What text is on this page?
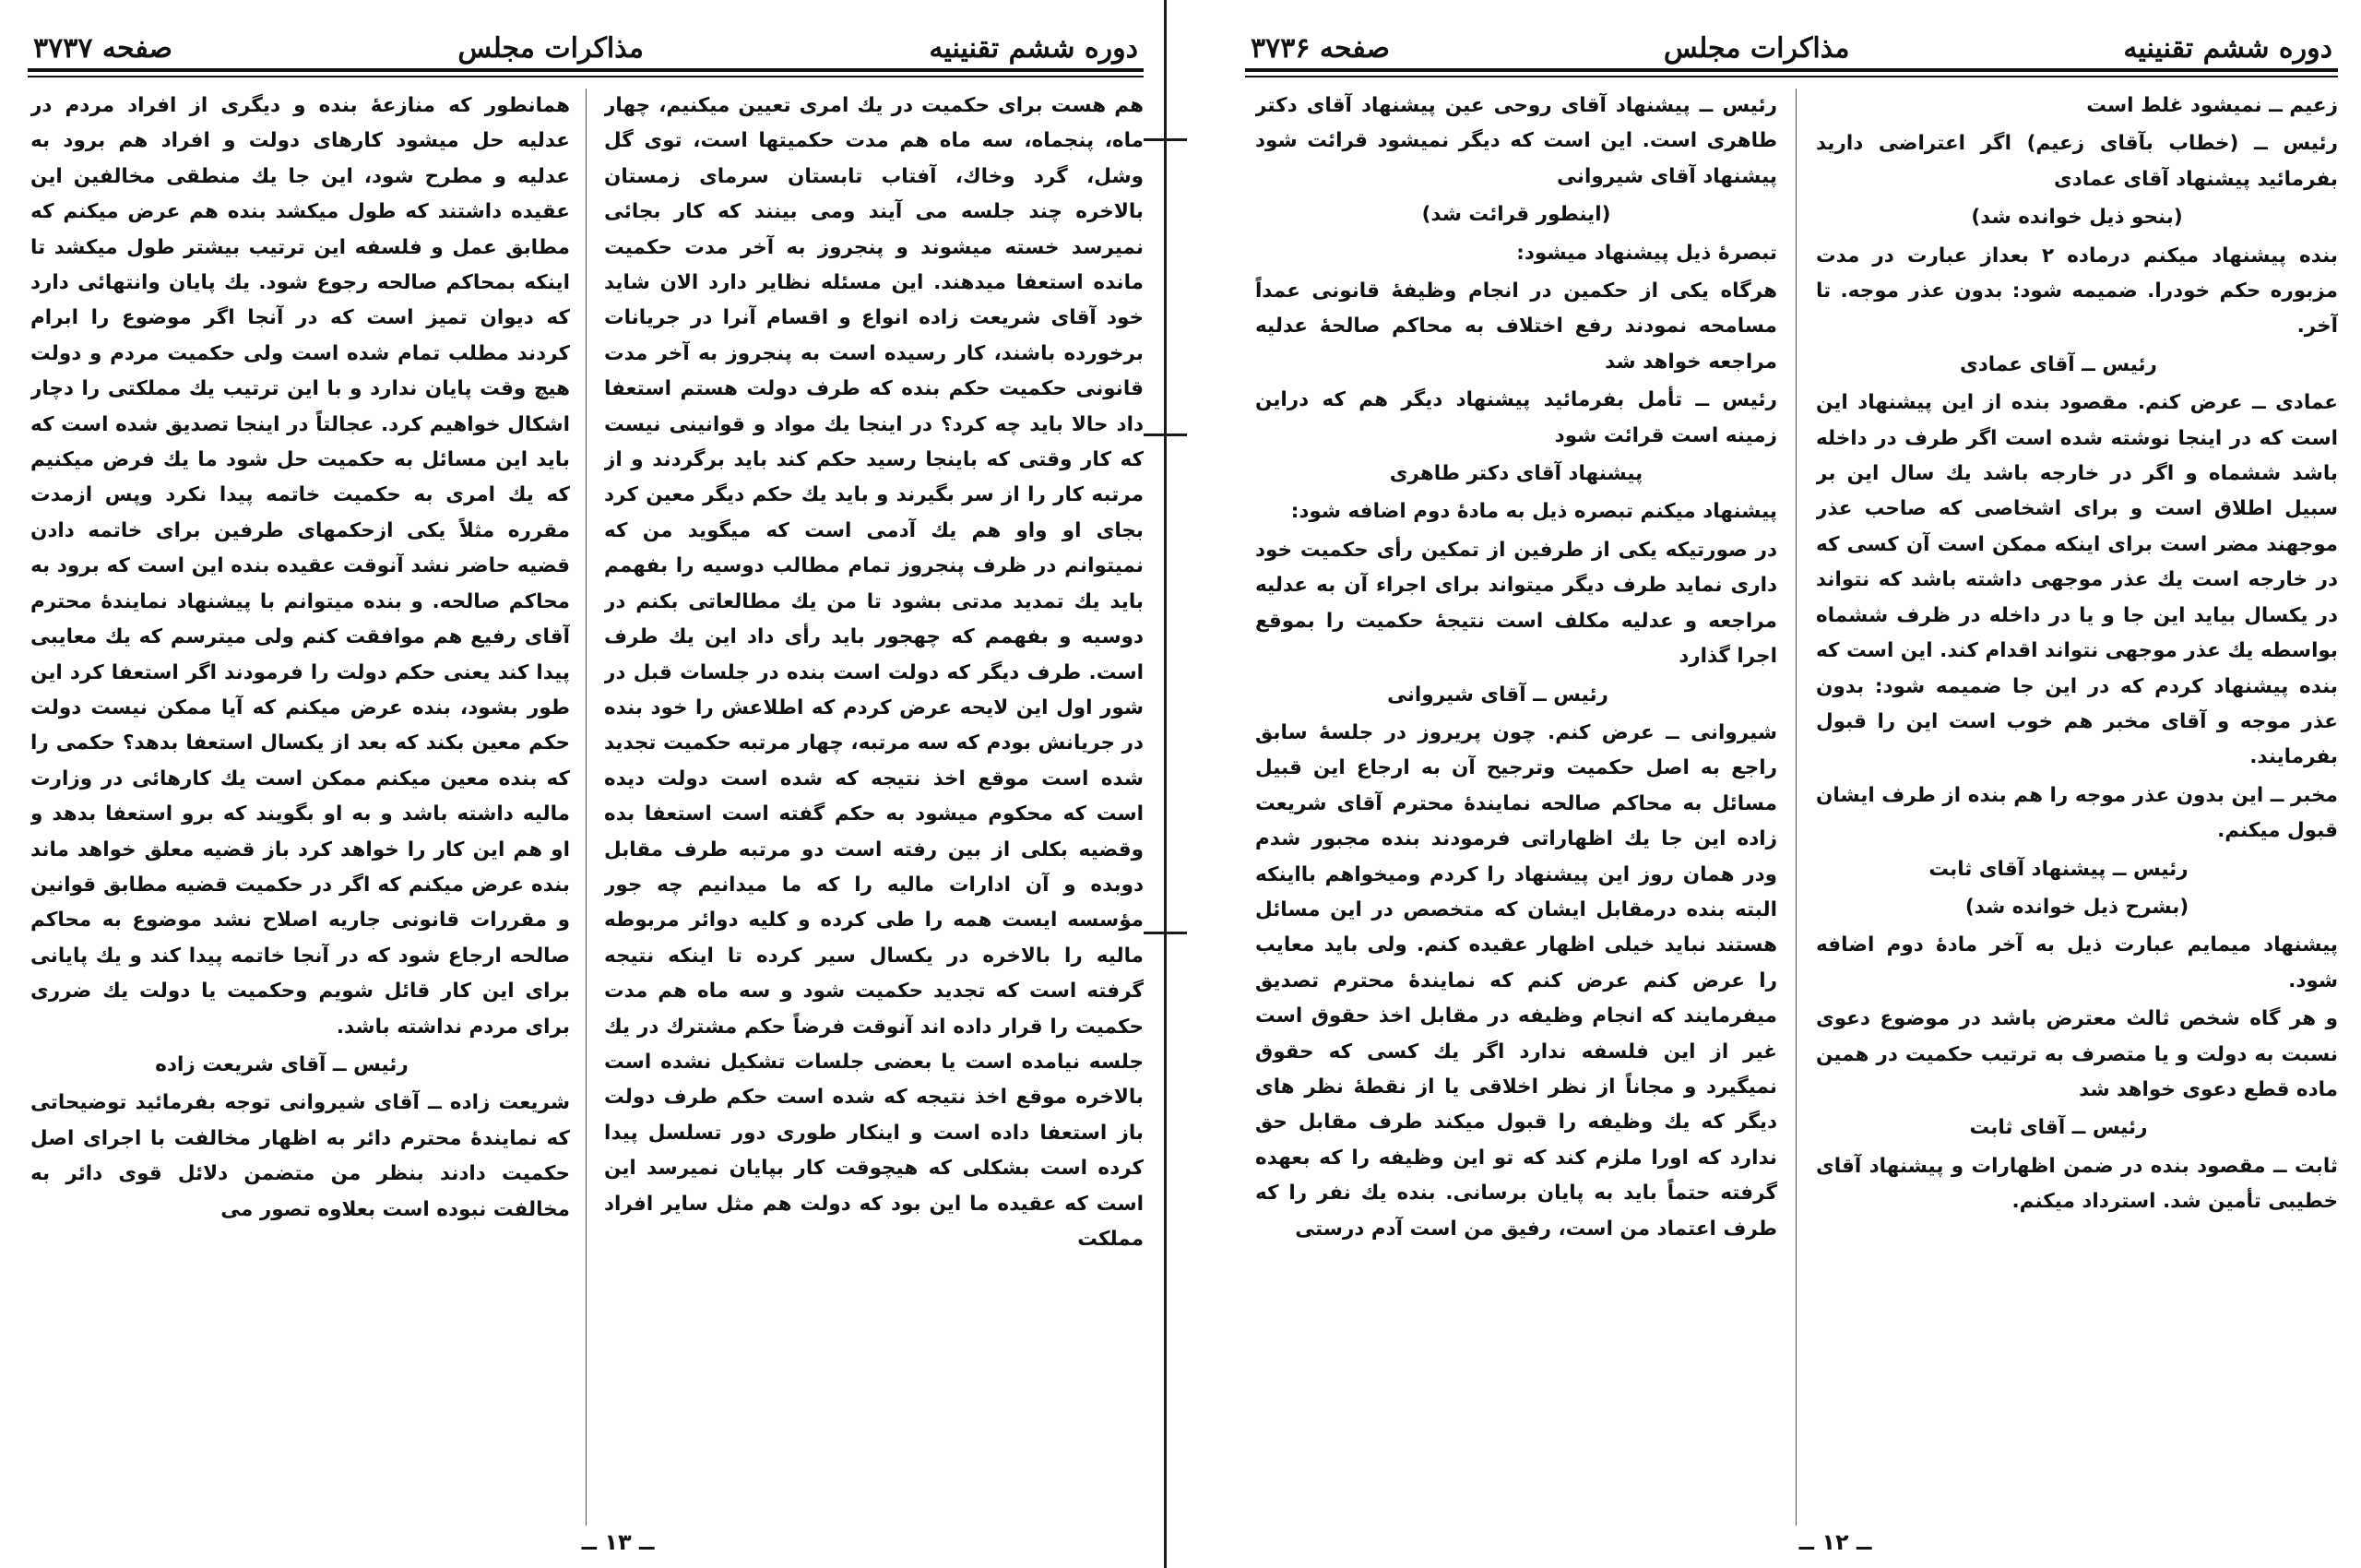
دوره ششم تقنينيه
مذاكرات مجلس
صفحه ۳۷۳۷

هم هست برای حکمیت در یك امری تعیین میکنیم، چهار ماه، پنجماه، سه ماه هم مدت حکمیتها است، توی گل وشل، گرد وخاك، آفتاب تابستان سرمای زمستان بالاخره چند جلسه می آیند ومی بینند که کار بجائی نمیرسد خسته میشوند و پنجروز به آخر مدت حکمیت مانده استعفا میدهند. این مسئله نظایر دارد الان شاید خود آقای شریعت زاده انواع و اقسام آنرا در جریانات برخورده باشند، کار رسیده است به پنجروز به آخر مدت قانونی حکمیت حکم بنده که طرف دولت هستم استعفا داد حالا باید چه کرد؟ در اینجا یك مواد و قوانینی نیست که کار وقتی که باینجا رسید حکم کند باید برگردند و از مرتبه کار را از سر بگیرند و باید یك حکم دیگر معین کرد بجای او واو هم یك آدمی است که میگوید من که نمیتوانم در ظرف پنجروز تمام مطالب دوسیه را بفهمم باید یك تمدید مدتی بشود تا من یك مطالعاتی بکنم در دوسیه و بفهمم که چهجور باید رأی داد این یك طرف است. طرف دیگر که دولت است بنده در جلسات قبل در شور اول این لایحه عرض کردم که اطلاعش را خود بنده در جریانش بودم که سه مرتبه، چهار مرتبه حکمیت تجدید شده است موقع اخذ نتیجه که شده است دولت دیده است که محکوم میشود به حکم گفته است استعفا بده وقضیه بکلی از بین رفته است دو مرتبه طرف مقابل دوبده و آن ادارات مالیه را که ما میدانیم چه جور مؤسسه ایست همه را طی کرده و کلیه دوائر مربوطه مالیه را بالاخره در یکسال سیر کرده تا اینکه نتیجه گرفته است که تجدید حکمیت شود و سه ماه هم مدت حکمیت را قرار داده اند آنوقت فرضاً حکم مشترك در یك جلسه نیامده است یا بعضی جلسات تشکیل نشده است بالاخره موقع اخذ نتیجه که شده است حکم طرف دولت باز استعفا داده است و اینکار طوری دور تسلسل پیدا کرده است بشکلی که هیچوقت کار بپایان نمیرسد این است که عقیده ما این بود که دولت هم مثل سایر افراد مملکت

همانطور که منازعهٔ بنده و دیگری از افراد مردم در عدلیه حل میشود کارهای دولت و افراد هم برود به عدلیه و مطرح شود، این جا یك منطقی مخالفین این عقیده داشتند که طول میکشد بنده هم عرض میکنم که مطابق عمل و فلسفه این ترتیب بیشتر طول میکشد تا اینکه بمحاکم صالحه رجوع شود. یك پایان وانتهائی دارد که دیوان تمیز است که در آنجا اگر موضوع را ابرام کردند مطلب تمام شده است ولی حکمیت مردم و دولت هیچ وقت پایان ندارد و با این ترتیب یك مملکتی را دچار اشکال خواهیم کرد. عجالتاً در اینجا تصدیق شده است که باید این مسائل به حکمیت حل شود ما یك فرض میکنیم که یك امری به حکمیت خاتمه پیدا نکرد وپس ازمدت مقرره مثلاً یکی ازحکمهای طرفین برای خاتمه دادن قضیه حاضر نشد آنوقت عقیده بنده این است که برود به محاکم صالحه. و بنده میتوانم با پیشنهاد نمایندهٔ محترم آقای رفیع هم موافقت کنم ولی میترسم که یك معایبی پیدا کند یعنی حکم دولت را فرمودند اگر استعفا کرد این طور بشود، بنده عرض میکنم که آیا ممکن نیست دولت حکم معین بکند که بعد از یکسال استعفا بدهد؟ حکمی را که بنده معین میکنم ممکن است یك کارهائی در وزارت مالیه داشته باشد و به او بگویند که برو استعفا بدهد و او هم این کار را خواهد کرد باز قضیه معلق خواهد ماند بنده عرض میکنم که اگر در حکمیت قضیه مطابق قوانین و مقررات قانونی جاریه اصلاح نشد موضوع به محاکم صالحه ارجاع شود که در آنجا خاتمه پیدا کند و یك پایانی برای این کار قائل شویم وحکمیت یا دولت یك ضرری برای مردم نداشته باشد.

رئیس ــ آقای شریعت زاده

شریعت زاده ــ آقای شیروانی توجه بفرمائید توضیحاتی که نمایندهٔ محترم دائر به اظهار مخالفت با اجرای اصل حکمیت دادند بنظر من متضمن دلائل قوی دائر به مخالفت نبوده است بعلاوه تصور می

ــ ۱۳ ــ
دوره ششم تقنینیه
مذاكرات مجلس
صفحه ۳۷۳۶

زعیم ــ نمیشود غلط است

رئیس ــ (خطاب بآقای زعیم) اگر اعتراضی دارید بفرمائید پیشنهاد آقای عمادی

(بنحو ذیل خوانده شد)

بنده پیشنهاد میکنم درماده ۲ بعداز عبارت در مدت مزبوره حکم خودرا. ضمیمه شود: بدون عذر موجه. تا آخر.

رئیس ــ آقای عمادی

عمادی ــ عرض کنم. مقصود بنده از این پیشنهاد این است که در اینجا نوشته شده است اگر طرف در داخله باشد ششماه و اگر در خارجه باشد یك سال این بر سبیل اطلاق است و برای اشخاصی که صاحب عذر موجهند مضر است برای اینکه ممکن است آن کسی که در خارجه است یك عذر موجهی داشته باشد که نتواند در یکسال بیاید این جا و یا در داخله در ظرف ششماه بواسطه یك عذر موجهی نتواند اقدام کند. این است که بنده پیشنهاد کردم که در این جا ضمیمه شود: بدون عذر موجه و آقای مخبر هم خوب است این را قبول بفرمایند.

مخبر ــ این بدون عذر موجه را هم بنده از طرف ایشان قبول میکنم.

رئیس ــ پیشنهاد آقای ثابت

(بشرح ذیل خوانده شد)

پیشنهاد میمایم عبارت ذیل به آخر مادهٔ دوم اضافه شود.

و هر گاه شخص ثالث معترض باشد در موضوع دعوی نسبت به دولت و یا متصرف به ترتیب حکمیت در همین ماده قطع دعوی خواهد شد

رئیس ــ آقای ثابت

ثابت ــ مقصود بنده در ضمن اظهارات و پیشنهاد آقای خطیبی تأمین شد. استرداد میکنم.

رئیس ــ پیشنهاد آقای روحی عین پیشنهاد آقای دکتر طاهری است. این است که دیگر نمیشود قرائت شود پیشنهاد آقای شیروانی

(اینطور قرائت شد)

تبصرهٔ ذیل پیشنهاد میشود:

هرگاه یکی از حکمین در انجام وظیفهٔ قانونی عمداً مسامحه نمودند رفع اختلاف به محاکم صالحهٔ عدلیه مراجعه خواهد شد

رئیس ــ تأمل بفرمائید پیشنهاد دیگر هم که دراین زمینه است قرائت شود

پیشنهاد آقای دکتر طاهری

پیشنهاد میکنم تبصره ذیل به مادهٔ دوم اضافه شود:

در صورتیکه یکی از طرفین از تمکین رأی حکمیت خود داری نماید طرف دیگر میتواند برای اجراء آن به عدلیه مراجعه و عدلیه مکلف است نتیجهٔ حکمیت را بموقع اجرا گذارد

رئیس ــ آقای شیروانی

شیروانی ــ عرض کنم. چون پریروز در جلسهٔ سابق راجع به اصل حکمیت وترجیح آن به ارجاع این قبیل مسائل به محاکم صالحه نمایندهٔ محترم آقای شریعت زاده این جا یك اظهاراتی فرمودند بنده مجبور شدم ودر همان روز این پیشنهاد را کردم ومیخواهم بااینکه البته بنده درمقابل ایشان که متخصص در این مسائل هستند نباید خیلی اظهار عقیده کنم. ولی باید معایب را عرض کنم عرض کنم که نمایندهٔ محترم تصدیق میفرمایند که انجام وظیفه در مقابل اخذ حقوق است غیر از این فلسفه ندارد اگر یك کسی که حقوق نمیگیرد و مجاناً از نظر اخلاقی یا از نقطهٔ نظر های دیگر که یك وظیفه را قبول میکند طرف مقابل حق ندارد که اورا ملزم کند که تو این وظیفه را که بعهده گرفته حتماً باید به پایان برسانی. بنده یك نفر را که طرف اعتماد من است، رفیق من است آدم درستی

ــ ۱۲ ــ
